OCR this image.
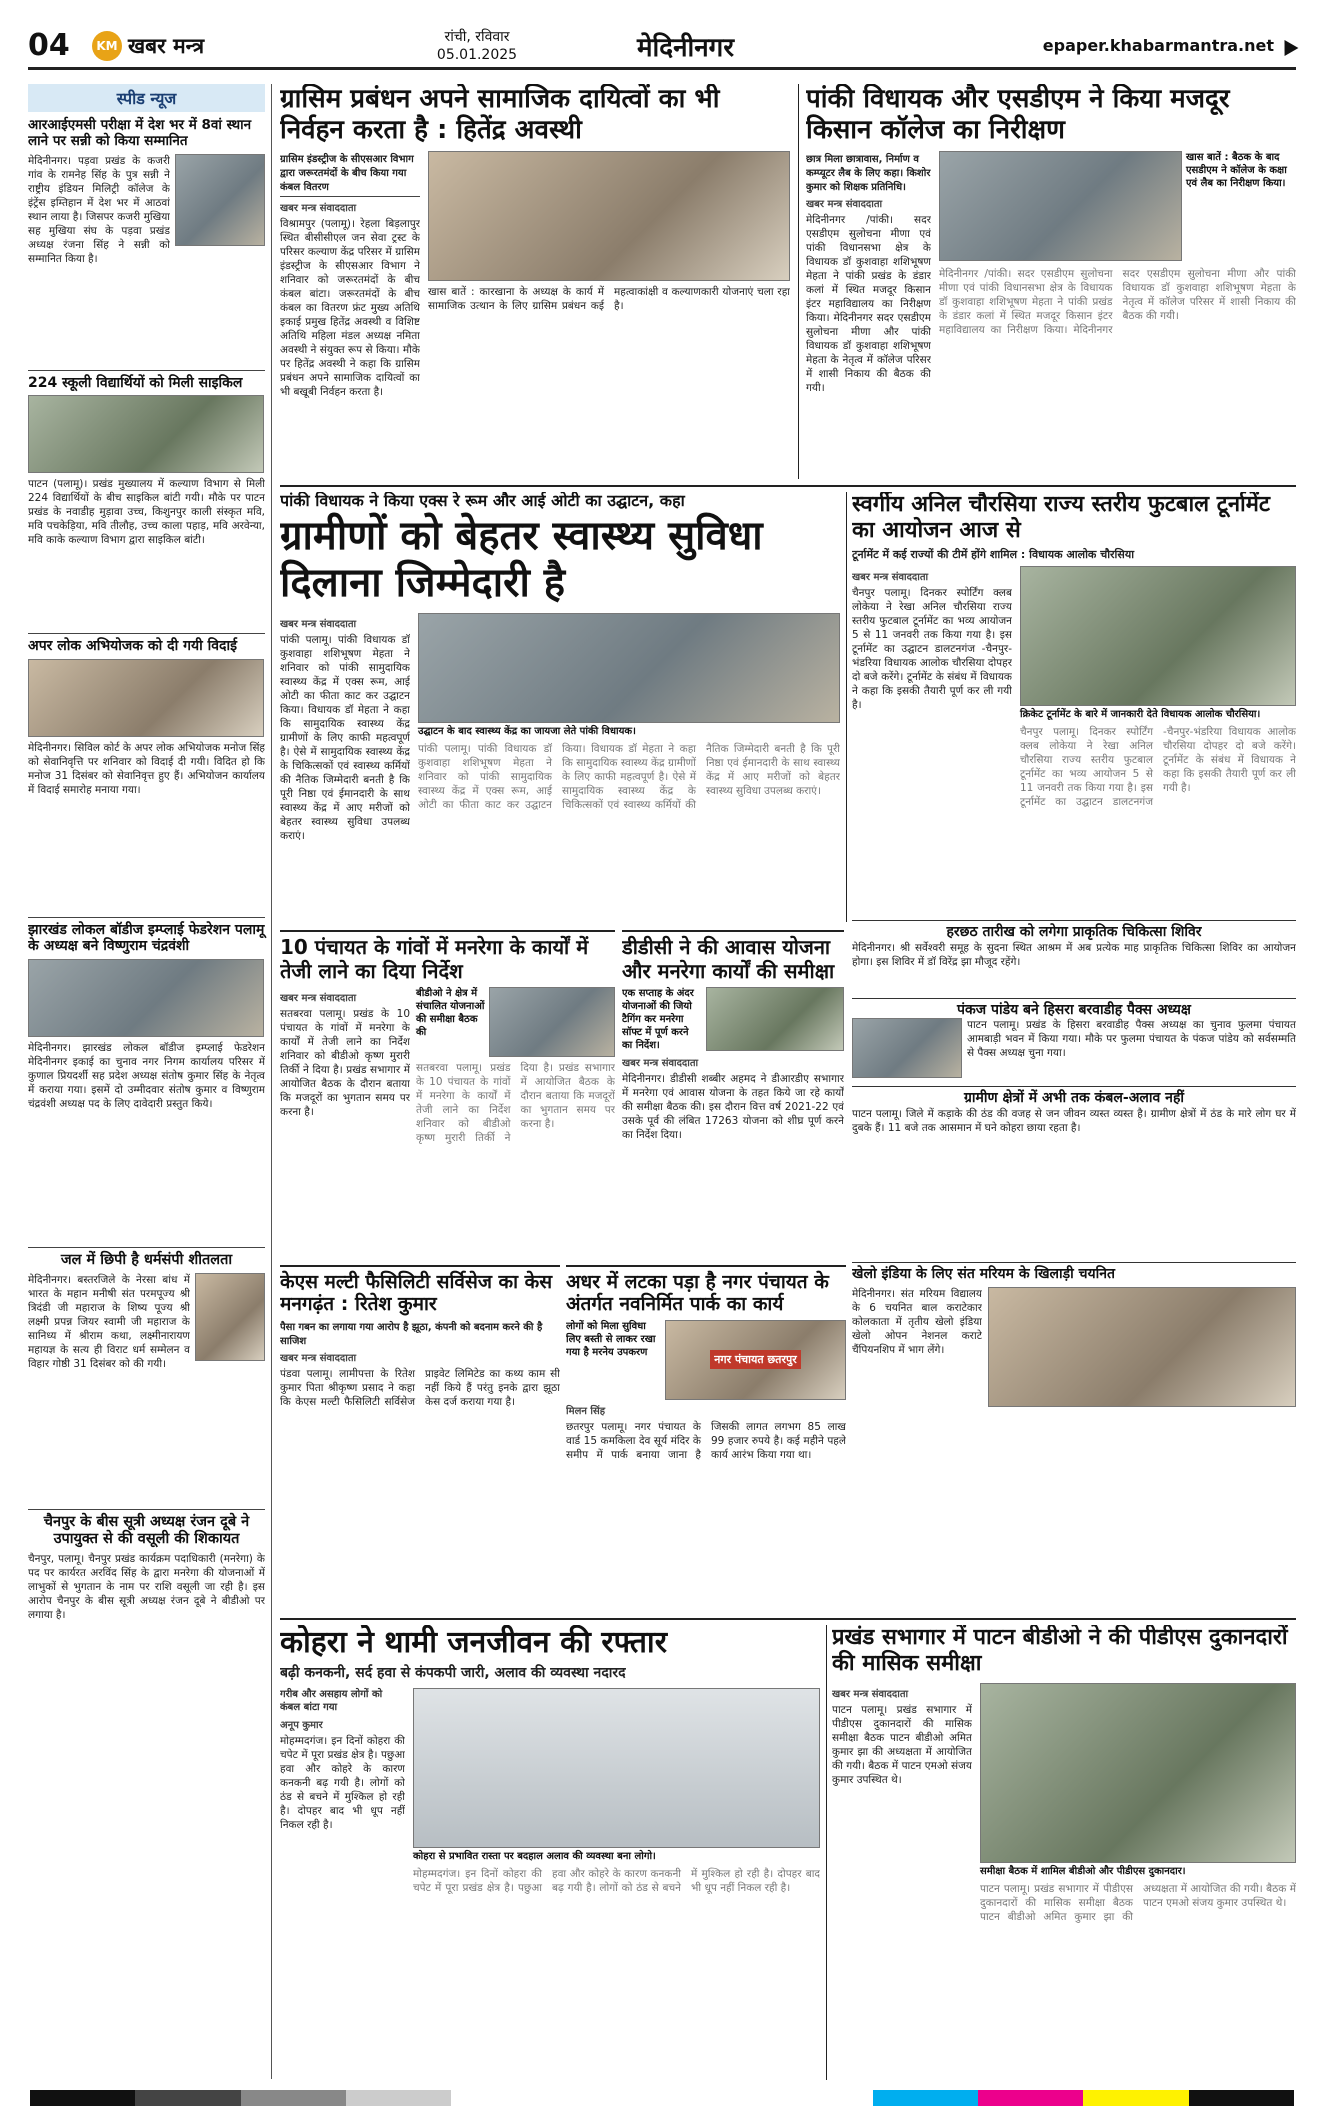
04	KM खबर मन्त्र	रांची, रविवार
05.01.2025	मेदिनीनगर	epaper.khabarmantra.net
स्पीड न्यूज
आरआईएमसी परीक्षा में देश भर में 8वां स्थान लाने पर सन्नी को किया सम्मानित
मेदिनीनगर। पड़वा प्रखंड के कजरी गांव के रामनेह सिंह के पुत्र सन्नी ने राष्ट्रीय इंडियन मिलिट्री कॉलेज के इंट्रेंस इम्तिहान में देश भर में आठवां स्थान लाया है। जिसपर कजरी मुखिया सह मुखिया संघ के पड़वा प्रखंड अध्यक्ष रंजना सिंह ने सन्नी को सम्मानित किया है।
224 स्कूली विद्यार्थियों को मिली साइकिल
पाटन (पलामू)। प्रखंड मुख्यालय में कल्याण विभाग से मिली 224 विद्यार्थियों के बीच साइकिल बांटी गयी। मौके पर पाटन प्रखंड के नवाडीह मुड़ावा उच्च, किशुनपुर काली संस्कृत मवि, मवि पचकेड़िया, मवि तीलौह, उच्च काला पहाड़, मवि अरवेन्या, मवि काके कल्याण विभाग द्वारा साइकिल बांटी।
अपर लोक अभियोजक को दी गयी विदाई
मेदिनीनगर। सिविल कोर्ट के अपर लोक अभियोजक मनोज सिंह को सेवानिवृत्ति पर शनिवार को विदाई दी गयी। विदित हो कि मनोज 31 दिसंबर को सेवानिवृत्त हुए हैं। अभियोजन कार्यालय में विदाई समारोह मनाया गया।
झारखंड लोकल बॉडीज इम्प्लाई फेडरेशन पलामू के अध्यक्ष बने विष्णुराम चंद्रवंशी
मेदिनीनगर। झारखंड लोकल बॉडीज इम्प्लाई फेडरेशन मेदिनीनगर इकाई का चुनाव नगर निगम कार्यालय परिसर में कुणाल प्रियदर्शी सह प्रदेश अध्यक्ष संतोष कुमार सिंह के नेतृत्व में कराया गया। इसमें दो उम्मीदवार संतोष कुमार व विष्णुराम चंद्रवंशी अध्यक्ष पद के लिए दावेदारी प्रस्तुत किये।
जल में छिपी है धर्मसंपी शीतलता
मेदिनीनगर। बस्तरजिले के नेरसा बांध में भारत के महान मनीषी संत परमपूज्य श्री त्रिदंडी जी महाराज के शिष्य पूज्य श्री लक्ष्मी प्रपन्न जियर स्वामी जी महाराज के सानिध्य में श्रीराम कथा, लक्ष्मीनारायण महायज्ञ के सत्य ही विराट धर्म सम्मेलन व विहार गोष्ठी 31 दिसंबर को की गयी।
चैनपुर के बीस सूत्री अध्यक्ष रंजन दूबे ने उपायुक्त से की वसूली की शिकायत
चैनपुर, पलामू। चैनपुर प्रखंड कार्यक्रम पदाधिकारी (मनरेगा) के पद पर कार्यरत अरविंद सिंह के द्वारा मनरेगा की योजनाओं में लाभुकों से भुगतान के नाम पर राशि वसूली जा रही है। इस आरोप चैनपुर के बीस सूत्री अध्यक्ष रंजन दूबे ने बीडीओ पर लगाया है।
ग्रासिम प्रबंधन अपने सामाजिक दायित्वों का भी निर्वहन करता है : हितेंद्र अवस्थी
ग्रासिम इंडस्ट्रीज के सीएसआर विभाग द्वारा जरूरतमंदों के बीच किया गया कंबल वितरण
खबर मन्त्र संवाददाता
विश्रामपुर (पलामू)। रेहला बिड़लापुर स्थित बीसीसीएल जन सेवा ट्रस्ट के परिसर कल्याण केंद्र परिसर में ग्रासिम इंडस्ट्रीज के सीएसआर विभाग ने शनिवार को जरूरतमंदों के बीच कंबल बांटा। जरूरतमंदों के बीच कंबल का वितरण फ्रंट मुख्य अतिथि इकाई प्रमुख हितेंद्र अवस्थी व विशिष्ट अतिथि महिला मंडल अध्यक्ष नमिता अवस्थी ने संयुक्त रूप से किया। मौके पर हितेंद्र अवस्थी ने कहा कि ग्रासिम प्रबंधन अपने सामाजिक दायित्वों का भी बखूबी निर्वहन करता है।
खास बातें : कारखाना के अध्यक्ष के कार्य में सामाजिक उत्थान के लिए ग्रासिम प्रबंधन कई महत्वाकांक्षी व कल्याणकारी योजनाएं चला रहा है।
पांकी विधायक और एसडीएम ने किया मजदूर किसान कॉलेज का निरीक्षण
छात्र मिला छात्रावास, निर्माण व कम्प्यूटर लैब के लिए कहा। किशोर कुमार को शिक्षक प्रतिनिधि।
खबर मन्त्र संवाददाता
मेदिनीनगर /पांकी। सदर एसडीएम सुलोचना मीणा एवं पांकी विधानसभा क्षेत्र के विधायक डॉ कुशवाहा शशिभूषण मेहता ने पांकी प्रखंड के डंडार कलां में स्थित मजदूर किसान इंटर महाविद्यालय का निरीक्षण किया। मेदिनीनगर सदर एसडीएम सुलोचना मीणा और पांकी विधायक डॉ कुशवाहा शशिभूषण मेहता के नेतृत्व में कॉलेज परिसर में शासी निकाय की बैठक की गयी।
खास बातें : बैठक के बाद एसडीएम ने कॉलेज के कक्षा एवं लैब का निरीक्षण किया।
मेदिनीनगर /पांकी। सदर एसडीएम सुलोचना मीणा एवं पांकी विधानसभा क्षेत्र के विधायक डॉ कुशवाहा शशिभूषण मेहता ने पांकी प्रखंड के डंडार कलां में स्थित मजदूर किसान इंटर महाविद्यालय का निरीक्षण किया। मेदिनीनगर सदर एसडीएम सुलोचना मीणा और पांकी विधायक डॉ कुशवाहा शशिभूषण मेहता के नेतृत्व में कॉलेज परिसर में शासी निकाय की बैठक की गयी।
पांकी विधायक ने किया एक्स रे रूम और आई ओटी का उद्घाटन, कहा
ग्रामीणों को बेहतर स्वास्थ्य सुविधा दिलाना जिम्मेदारी है
खबर मन्त्र संवाददाता
पांकी पलामू। पांकी विधायक डॉ कुशवाहा शशिभूषण मेहता ने शनिवार को पांकी सामुदायिक स्वास्थ्य केंद्र में एक्स रूम, आई ओटी का फीता काट कर उद्घाटन किया। विधायक डॉ मेहता ने कहा कि सामुदायिक स्वास्थ्य केंद्र ग्रामीणों के लिए काफी महत्वपूर्ण है। ऐसे में सामुदायिक स्वास्थ्य केंद्र के चिकित्सकों एवं स्वास्थ्य कर्मियों की नैतिक जिम्मेदारी बनती है कि पूरी निष्ठा एवं ईमानदारी के साथ स्वास्थ्य केंद्र में आए मरीजों को बेहतर स्वास्थ्य सुविधा उपलब्ध कराएं।
उद्घाटन के बाद स्वास्थ्य केंद्र का जायजा लेते पांकी विधायक।
पांकी पलामू। पांकी विधायक डॉ कुशवाहा शशिभूषण मेहता ने शनिवार को पांकी सामुदायिक स्वास्थ्य केंद्र में एक्स रूम, आई ओटी का फीता काट कर उद्घाटन किया। विधायक डॉ मेहता ने कहा कि सामुदायिक स्वास्थ्य केंद्र ग्रामीणों के लिए काफी महत्वपूर्ण है। ऐसे में सामुदायिक स्वास्थ्य केंद्र के चिकित्सकों एवं स्वास्थ्य कर्मियों की नैतिक जिम्मेदारी बनती है कि पूरी निष्ठा एवं ईमानदारी के साथ स्वास्थ्य केंद्र में आए मरीजों को बेहतर स्वास्थ्य सुविधा उपलब्ध कराएं।
स्वर्गीय अनिल चौरसिया राज्य स्तरीय फुटबाल टूर्नामेंट का आयोजन आज से
टूर्नामेंट में कई राज्यों की टीमें होंगे शामिल : विधायक आलोक चौरसिया
खबर मन्त्र संवाददाता
चैनपुर पलामू। दिनकर स्पोर्टिंग क्लब लोकेया ने रेखा अनिल चौरसिया राज्य स्तरीय फुटबाल टूर्नामेंट का भव्य आयोजन 5 से 11 जनवरी तक किया गया है। इस टूर्नामेंट का उद्घाटन डालटनगंज -चैनपुर-भंडरिया विधायक आलोक चौरसिया दोपहर दो बजे करेंगे। टूर्नामेंट के संबंध में विधायक ने कहा कि इसकी तैयारी पूर्ण कर ली गयी है।
क्रिकेट टूर्नामेंट के बारे में जानकारी देते विधायक आलोक चौरसिया।
चैनपुर पलामू। दिनकर स्पोर्टिंग क्लब लोकेया ने रेखा अनिल चौरसिया राज्य स्तरीय फुटबाल टूर्नामेंट का भव्य आयोजन 5 से 11 जनवरी तक किया गया है। इस टूर्नामेंट का उद्घाटन डालटनगंज -चैनपुर-भंडरिया विधायक आलोक चौरसिया दोपहर दो बजे करेंगे। टूर्नामेंट के संबंध में विधायक ने कहा कि इसकी तैयारी पूर्ण कर ली गयी है।
हरछठ तारीख को लगेगा प्राकृतिक चिकित्सा शिविर
मेदिनीनगर। श्री सर्वेश्वरी समूह के सुदना स्थित आश्रम में अब प्रत्येक माह प्राकृतिक चिकित्सा शिविर का आयोजन होगा। इस शिविर में डॉ विरेंद्र झा मौजूद रहेंगे।
पंकज पांडेय बने हिसरा बरवाडीह पैक्स अध्यक्ष
पाटन पलामू। प्रखंड के हिसरा बरवाडीह पैक्स अध्यक्ष का चुनाव फुलमा पंचायत आमबाड़ी भवन में किया गया। मौके पर फुलमा पंचायत के पंकज पांडेय को सर्वसम्मति से पैक्स अध्यक्ष चुना गया।
ग्रामीण क्षेत्रों में अभी तक कंबल-अलाव नहीं
पाटन पलामू। जिले में कड़ाके की ठंड की वजह से जन जीवन व्यस्त व्यस्त है। ग्रामीण क्षेत्रों में ठंड के मारे लोग घर में दुबके हैं। 11 बजे तक आसमान में घने कोहरा छाया रहता है।
खेलो इंडिया के लिए संत मरियम के खिलाड़ी चयनित
मेदिनीनगर। संत मरियम विद्यालय के 6 चयनित बाल कराटेकार कोलकाता में तृतीय खेलो इंडिया खेलो ओपन नेशनल कराटे चैंपियनशिप में भाग लेंगे।
10 पंचायत के गांवों में मनरेगा के कार्यों में तेजी लाने का दिया निर्देश
खबर मन्त्र संवाददाता
सतबरवा पलामू। प्रखंड के 10 पंचायत के गांवों में मनरेगा के कार्यों में तेजी लाने का निर्देश शनिवार को बीडीओ कृष्ण मुरारी तिर्की ने दिया है। प्रखंड सभागार में आयोजित बैठक के दौरान बताया कि मजदूरों का भुगतान समय पर करना है।
बीडीओ ने क्षेत्र में संचालित योजनाओं की समीक्षा बैठक की
सतबरवा पलामू। प्रखंड के 10 पंचायत के गांवों में मनरेगा के कार्यों में तेजी लाने का निर्देश शनिवार को बीडीओ कृष्ण मुरारी तिर्की ने दिया है। प्रखंड सभागार में आयोजित बैठक के दौरान बताया कि मजदूरों का भुगतान समय पर करना है।
डीडीसी ने की आवास योजना और मनरेगा कार्यों की समीक्षा
एक सप्ताह के अंदर योजनाओं की जियो टैगिंग कर मनरेगा सॉफ्ट में पूर्ण करने का निर्देश।
खबर मन्त्र संवाददाता
मेदिनीनगर। डीडीसी शब्बीर अहमद ने डीआरडीए सभागार में मनरेगा एवं आवास योजना के तहत किये जा रहे कार्यों की समीक्षा बैठक की। इस दौरान वित्त वर्ष 2021-22 एवं उसके पूर्व की लंबित 17263 योजना को शीघ्र पूर्ण करने का निर्देश दिया।
केएस मल्टी फैसिलिटी सर्विसेज का केस मनगढ़ंत : रितेश कुमार
पैसा गबन का लगाया गया आरोप है झूठा, कंपनी को बदनाम करने की है साजिश
खबर मन्त्र संवाददाता
पंडवा पलामू। लामीपत्ता के रितेश कुमार पिता श्रीकृष्ण प्रसाद ने कहा कि केएस मल्टी फैसिलिटी सर्विसेज प्राइवेट लिमिटेड का कथ्य काम सी नहीं किये हैं परंतु इनके द्वारा झूठा केस दर्ज कराया गया है।
अधर में लटका पड़ा है नगर पंचायत के अंतर्गत नवनिर्मित पार्क का कार्य
लोगों को मिला सुविधा लिए बस्ती से लाकर रखा गया है मरनेय उपकरण
नगर पंचायत छतरपुर
मिलन सिंह
छतरपुर पलामू। नगर पंचायत के वार्ड 15 कमकिला देव सूर्य मंदिर के समीप में पार्क बनाया जाना है जिसकी लागत लगभग 85 लाख 99 हजार रुपये है। कई महीने पहले कार्य आरंभ किया गया था।
कोहरा ने थामी जनजीवन की रफ्तार
बढ़ी कनकनी, सर्द हवा से कंपकपी जारी, अलाव की व्यवस्था नदारद
गरीब और असहाय लोगों को कंबल बांटा गया
अनूप कुमार
मोहम्मदगंज। इन दिनों कोहरा की चपेट में पूरा प्रखंड क्षेत्र है। पछुआ हवा और कोहरे के कारण कनकनी बढ़ गयी है। लोगों को ठंड से बचने में मुश्किल हो रही है। दोपहर बाद भी धूप नहीं निकल रही है।
कोहरा से प्रभावित रास्ता पर बदहाल अलाव की व्यवस्था बना लोगो।
मोहम्मदगंज। इन दिनों कोहरा की चपेट में पूरा प्रखंड क्षेत्र है। पछुआ हवा और कोहरे के कारण कनकनी बढ़ गयी है। लोगों को ठंड से बचने में मुश्किल हो रही है। दोपहर बाद भी धूप नहीं निकल रही है।
प्रखंड सभागार में पाटन बीडीओ ने की पीडीएस दुकानदारों की मासिक समीक्षा
खबर मन्त्र संवाददाता
पाटन पलामू। प्रखंड सभागार में पीडीएस दुकानदारों की मासिक समीक्षा बैठक पाटन बीडीओ अमित कुमार झा की अध्यक्षता में आयोजित की गयी। बैठक में पाटन एमओ संजय कुमार उपस्थित थे।
समीक्षा बैठक में शामिल बीडीओ और पीडीएस दुकानदार।
पाटन पलामू। प्रखंड सभागार में पीडीएस दुकानदारों की मासिक समीक्षा बैठक पाटन बीडीओ अमित कुमार झा की अध्यक्षता में आयोजित की गयी। बैठक में पाटन एमओ संजय कुमार उपस्थित थे।
